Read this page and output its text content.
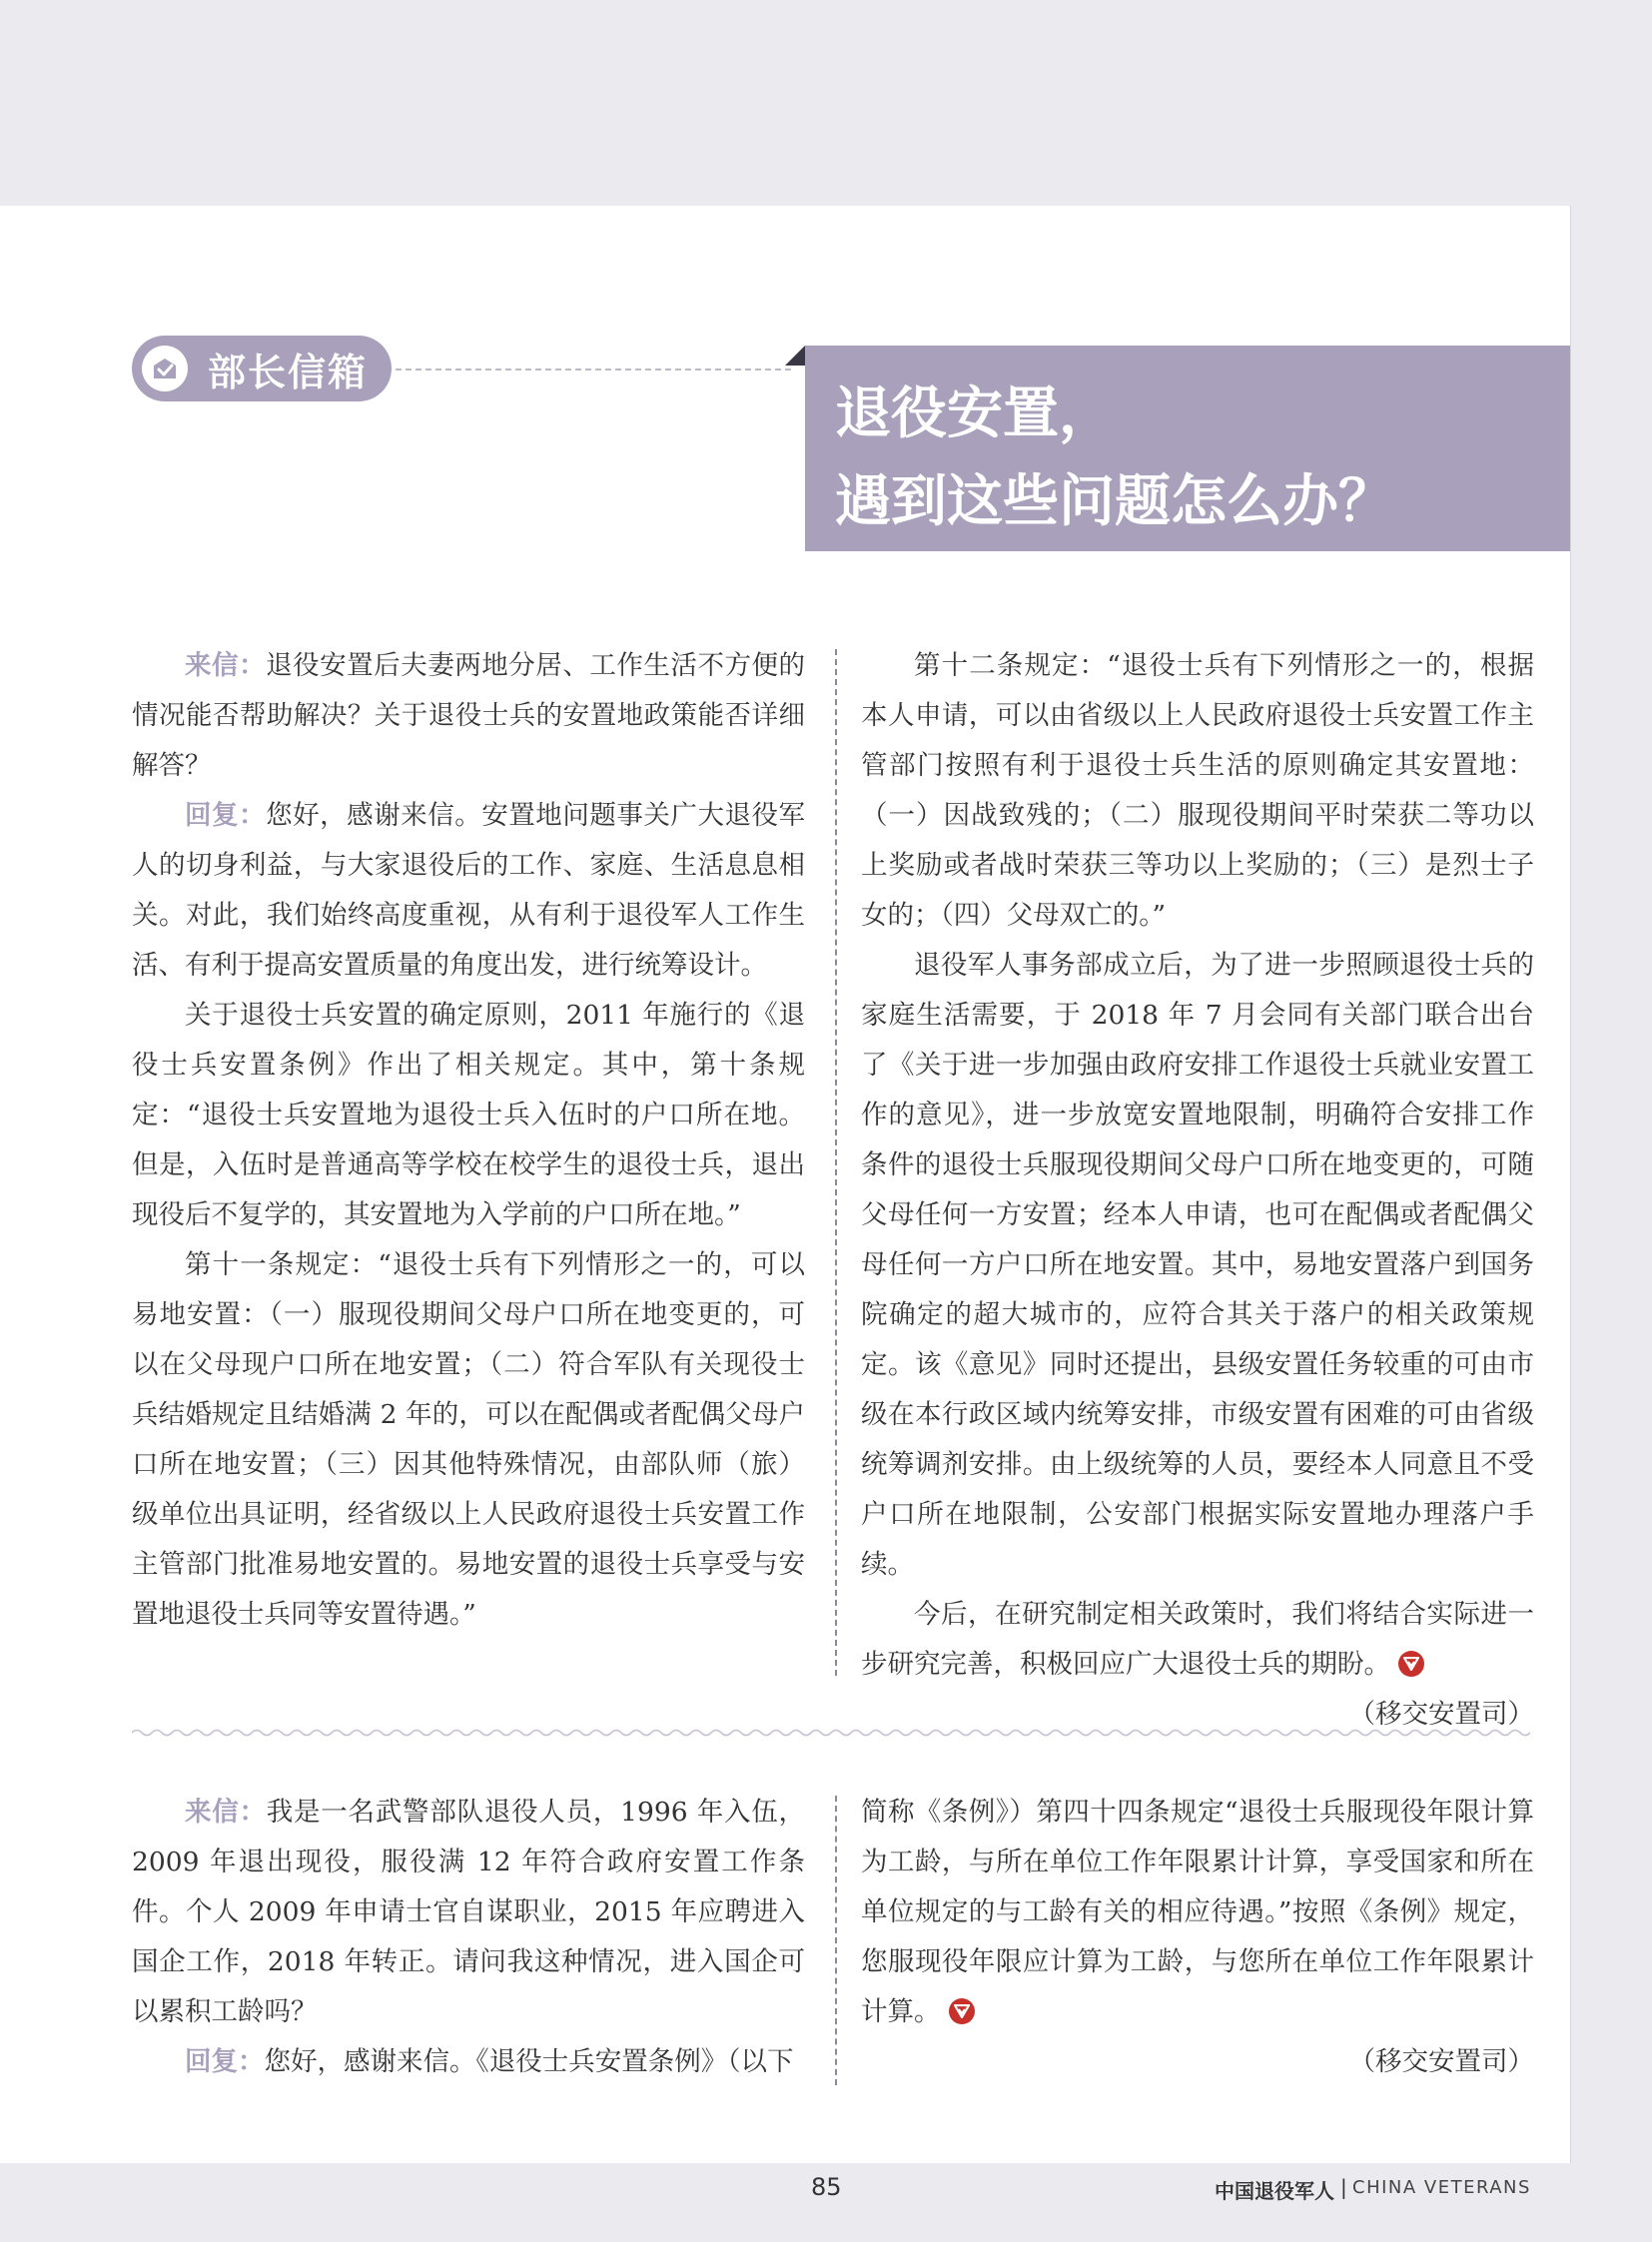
部长信箱
退役安置，
遇到这些问题怎么办？

来信：退役安置后夫妻两地分居、工作生活不方便的情况能否帮助解决？关于退役士兵的安置地政策能否详细解答？

回复：您好，感谢来信。安置地问题事关广大退役军人的切身利益，与大家退役后的工作、家庭、生活息息相关。对此，我们始终高度重视，从有利于退役军人工作生活、有利于提高安置质量的角度出发，进行统筹设计。

关于退役士兵安置的确定原则，2011 年施行的《退役士兵安置条例》作出了相关规定。其中，第十条规定：“退役士兵安置地为退役士兵入伍时的户口所在地。但是，入伍时是普通高等学校在校学生的退役士兵，退出现役后不复学的，其安置地为入学前的户口所在地。”

第十一条规定：“退役士兵有下列情形之一的，可以易地安置：（一）服现役期间父母户口所在地变更的，可以在父母现户口所在地安置；（二）符合军队有关现役士兵结婚规定且结婚满 2 年的，可以在配偶或者配偶父母户口所在地安置；（三）因其他特殊情况，由部队师（旅）级单位出具证明，经省级以上人民政府退役士兵安置工作主管部门批准易地安置的。易地安置的退役士兵享受与安置地退役士兵同等安置待遇。”

第十二条规定：“退役士兵有下列情形之一的，根据本人申请，可以由省级以上人民政府退役士兵安置工作主管部门按照有利于退役士兵生活的原则确定其安置地：（一）因战致残的；（二）服现役期间平时荣获二等功以上奖励或者战时荣获三等功以上奖励的；（三）是烈士子女的；（四）父母双亡的。”

退役军人事务部成立后，为了进一步照顾退役士兵的家庭生活需要，于 2018 年 7 月会同有关部门联合出台了《关于进一步加强由政府安排工作退役士兵就业安置工作的意见》，进一步放宽安置地限制，明确符合安排工作条件的退役士兵服现役期间父母户口所在地变更的，可随父母任何一方安置；经本人申请，也可在配偶或者配偶父母任何一方户口所在地安置。其中，易地安置落户到国务院确定的超大城市的，应符合其关于落户的相关政策规定。该《意见》同时还提出，县级安置任务较重的可由市级在本行政区域内统筹安排，市级安置有困难的可由省级统筹调剂安排。由上级统筹的人员，要经本人同意且不受户口所在地限制，公安部门根据实际安置地办理落户手续。

今后，在研究制定相关政策时，我们将结合实际进一步研究完善，积极回应广大退役士兵的期盼。

（移交安置司）

来信：我是一名武警部队退役人员，1996 年入伍，2009 年退出现役，服役满 12 年符合政府安置工作条件。个人 2009 年申请士官自谋职业，2015 年应聘进入国企工作，2018 年转正。请问我这种情况，进入国企可以累积工龄吗？

回复：您好，感谢来信。《退役士兵安置条例》（以下

简称《条例》）第四十四条规定“退役士兵服现役年限计算为工龄，与所在单位工作年限累计计算，享受国家和所在单位规定的与工龄有关的相应待遇。”按照《条例》规定，您服现役年限应计算为工龄，与您所在单位工作年限累计计算。

（移交安置司）

85	中国退役军人 | CHINA VETERANS
